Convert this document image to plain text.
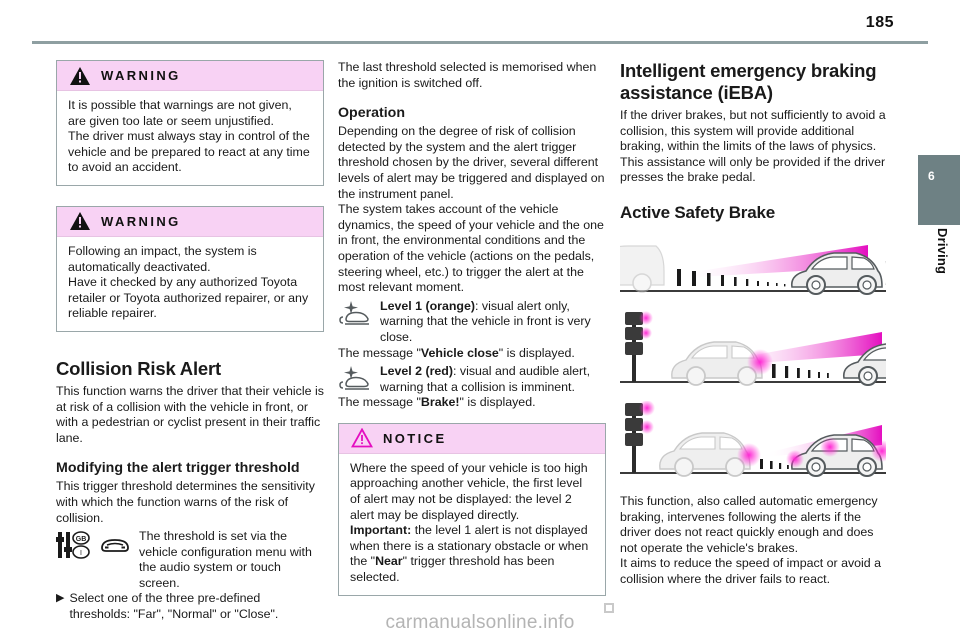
185
6
Driving
WARNING

It is possible that warnings are not given, are given too late or seem unjustified.

The driver must always stay in control of the vehicle and be prepared to react at any time to avoid an accident.

WARNING

Following an impact, the system is automatically deactivated.

Have it checked by any authorized Toyota retailer or Toyota authorized repairer, or any reliable repairer.

Collision Risk Alert

This function warns the driver that their vehicle is at risk of a collision with the vehicle in front, or with a pedestrian or cyclist present in their traffic lane.

Modifying the alert trigger threshold

This trigger threshold determines the sensitivity with which the function warns of the risk of collision.

GB
I
The threshold is set via the vehicle configuration menu with the audio system or touch screen.
▶ Select one of the three pre-defined thresholds: "Far", "Normal" or "Close".

The last threshold selected is memorised when the ignition is switched off.

Operation

Depending on the degree of risk of collision detected by the system and the alert trigger threshold chosen by the driver, several different levels of alert may be triggered and displayed on the instrument panel.

The system takes account of the vehicle dynamics, the speed of your vehicle and the one in front, the environmental conditions and the operation of the vehicle (actions on the pedals, steering wheel, etc.) to trigger the alert at the most relevant moment.

Level 1 (orange): visual alert only, warning that the vehicle in front is very close.

The message "Vehicle close" is displayed.

Level 2 (red): visual and audible alert, warning that a collision is imminent.

The message "Brake!" is displayed.

NOTICE

Where the speed of your vehicle is too high approaching another vehicle, the first level of alert may not be displayed: the level 2 alert may be displayed directly.

Important: the level 1 alert is not displayed when there is a stationary obstacle or when the "Near" trigger threshold has been selected.

Intelligent emergency braking assistance (iEBA)

If the driver brakes, but not sufficiently to avoid a collision, this system will provide additional braking, within the limits of the laws of physics. This assistance will only be provided if the driver presses the brake pedal.

Active Safety Brake

This function, also called automatic emergency braking, intervenes following the alerts if the driver does not react quickly enough and does not operate the vehicle's brakes.

It aims to reduce the speed of impact or avoid a collision where the driver fails to react.

carmanualsonline.info
